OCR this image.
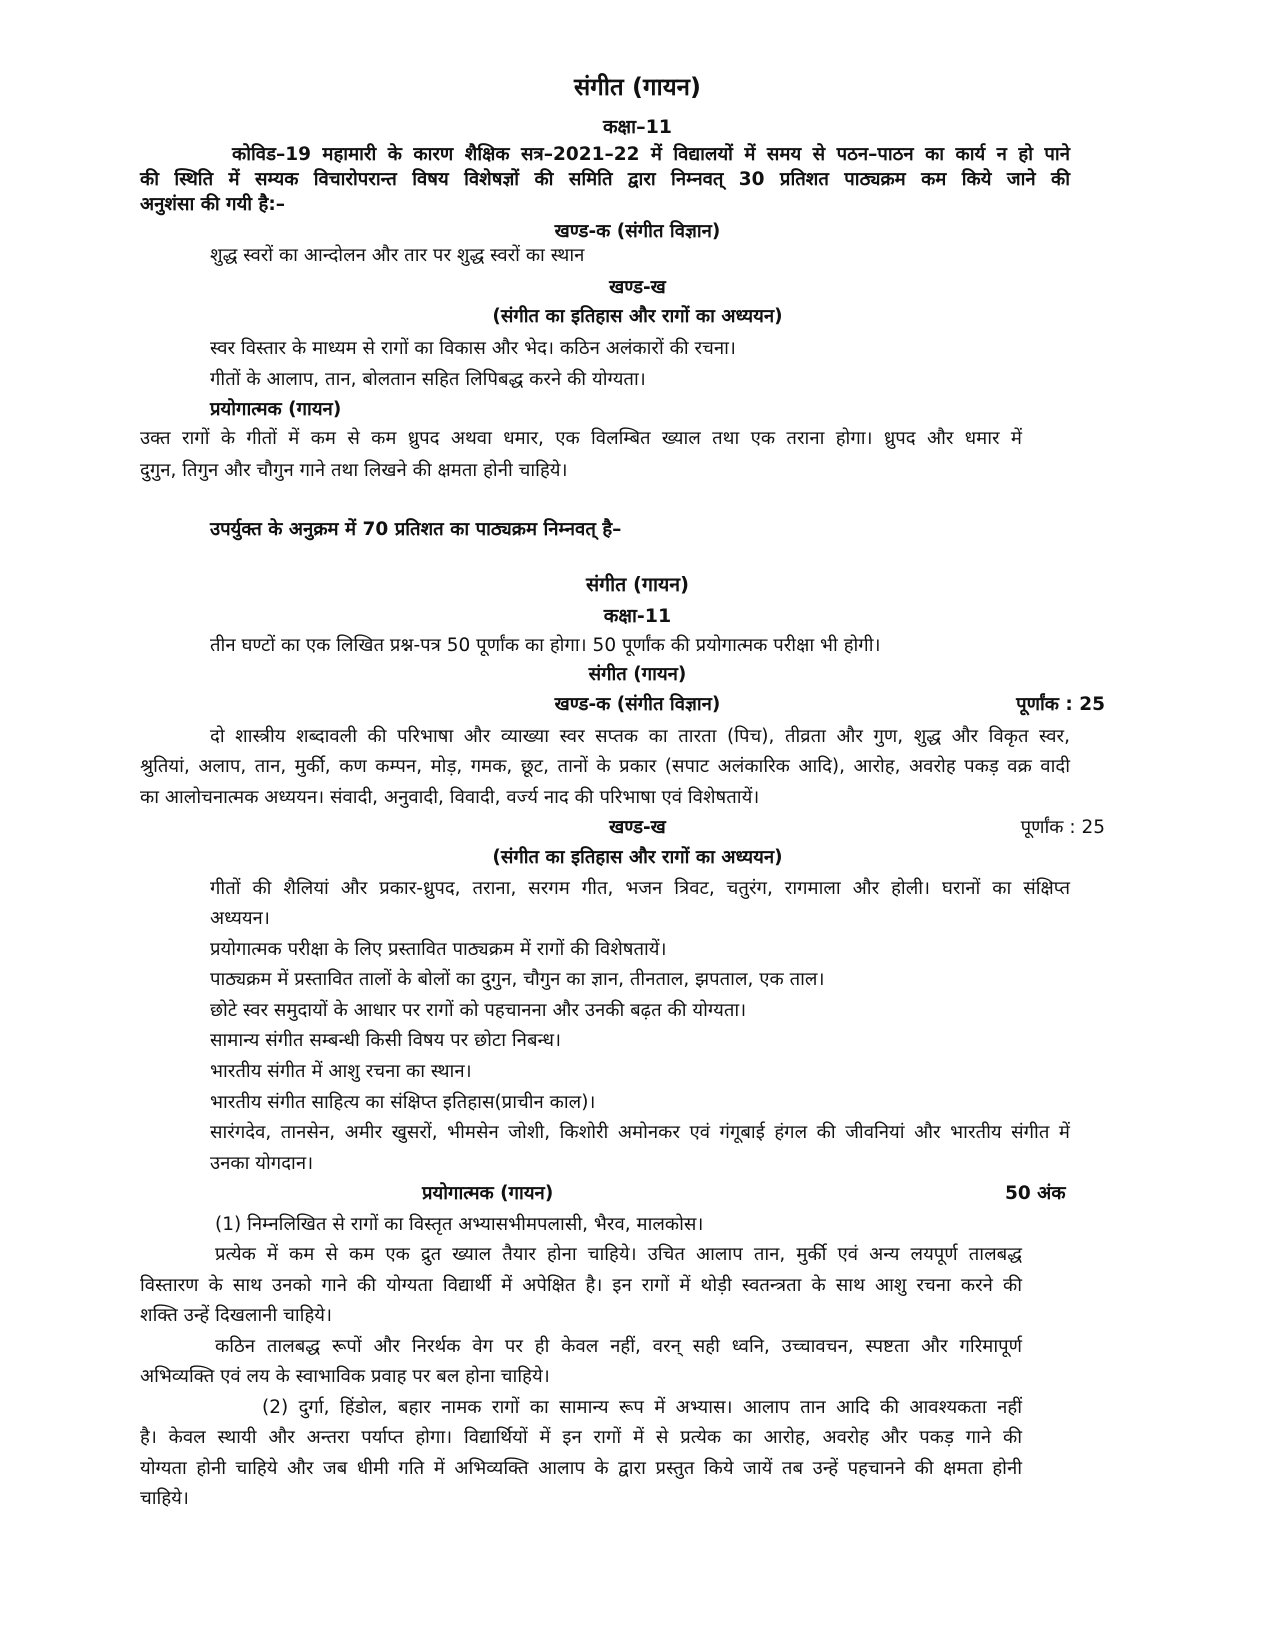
संगीत (गायन)
कक्षा–11
कोविड–19 महामारी के कारण शैक्षिक सत्र–2021–22 में विद्यालयों में समय से पठन–पाठन का कार्य न हो पाने
की स्थिति में सम्यक विचारोपरान्त विषय विशेषज्ञों की समिति द्वारा निम्नवत् 30 प्रतिशत पाठ्यक्रम कम किये जाने की
अनुशंसा की गयी है:–
खण्ड-क (संगीत विज्ञान)
शुद्ध स्वरों का आन्दोलन और तार पर शुद्ध स्वरों का स्थान
खण्ड-ख
(संगीत का इतिहास और रागों का अध्ययन)
स्वर विस्तार के माध्यम से रागों का विकास और भेद। कठिन अलंकारों की रचना।
गीतों के आलाप, तान, बोलतान सहित लिपिबद्ध करने की योग्यता।
प्रयोगात्मक (गायन)
उक्त रागों के गीतों में कम से कम ध्रुपद अथवा धमार, एक विलम्बित ख्याल तथा एक तराना होगा। ध्रुपद और धमार में
दुगुन, तिगुन और चौगुन गाने तथा लिखने की क्षमता होनी चाहिये।
उपर्युक्त के अनुक्रम में 70 प्रतिशत का पाठ्यक्रम निम्नवत् है–
संगीत (गायन)
कक्षा-11
तीन घण्टों का एक लिखित प्रश्न-पत्र 50 पूर्णांक का होगा। 50 पूर्णांक की प्रयोगात्मक परीक्षा भी होगी।
संगीत (गायन)
खण्ड-क (संगीत विज्ञान)	पूर्णांक : 25
दो शास्त्रीय शब्दावली की परिभाषा और व्याख्या स्वर सप्तक का तारता (पिच), तीव्रता और गुण, शुद्ध और विकृत स्वर,
श्रुतियां, अलाप, तान, मुर्की, कण कम्पन, मोड़, गमक, छूट, तानों के प्रकार (सपाट अलंकारिक आदि), आरोह, अवरोह पकड़ वक्र वादी
का आलोचनात्मक अध्ययन। संवादी, अनुवादी, विवादी, वर्ज्य नाद की परिभाषा एवं विशेषतायें।
खण्ड-ख	पूर्णांक : 25
(संगीत का इतिहास और रागों का अध्ययन)
गीतों की शैलियां और प्रकार-ध्रुपद, तराना, सरगम गीत, भजन त्रिवट, चतुरंग, रागमाला और होली। घरानों का संक्षिप्त
अध्ययन।
प्रयोगात्मक परीक्षा के लिए प्रस्तावित पाठ्यक्रम में रागों की विशेषतायें।
पाठ्यक्रम में प्रस्तावित तालों के बोलों का दुगुन, चौगुन का ज्ञान, तीनताल, झपताल, एक ताल।
छोटे स्वर समुदायों के आधार पर रागों को पहचानना और उनकी बढ़त की योग्यता।
सामान्य संगीत सम्बन्धी किसी विषय पर छोटा निबन्ध।
भारतीय संगीत में आशु रचना का स्थान।
भारतीय संगीत साहित्य का संक्षिप्त इतिहास(प्राचीन काल)।
सारंगदेव, तानसेन, अमीर खुसरों, भीमसेन जोशी, किशोरी अमोनकर एवं गंगूबाई हंगल की जीवनियां और भारतीय संगीत में
उनका योगदान।
प्रयोगात्मक (गायन)	50 अंक
(1) निम्नलिखित से रागों का विस्तृत अभ्यासभीमपलासी, भैरव, मालकोस।
प्रत्येक में कम से कम एक द्रुत ख्याल तैयार होना चाहिये। उचित आलाप तान, मुर्की एवं अन्य लयपूर्ण तालबद्ध
विस्तारण के साथ उनको गाने की योग्यता विद्यार्थी में अपेक्षित है। इन रागों में थोड़ी स्वतन्त्रता के साथ आशु रचना करने की
शक्ति उन्हें दिखलानी चाहिये।
कठिन तालबद्ध रूपों और निरर्थक वेग पर ही केवल नहीं, वरन् सही ध्वनि, उच्चावचन, स्पष्टता और गरिमापूर्ण
अभिव्यक्ति एवं लय के स्वाभाविक प्रवाह पर बल होना चाहिये।
(2) दुर्गा, हिंडोल, बहार नामक रागों का सामान्य रूप में अभ्यास। आलाप तान आदि की आवश्यकता नहीं
है। केवल स्थायी और अन्तरा पर्याप्त होगा। विद्यार्थियों में इन रागों में से प्रत्येक का आरोह, अवरोह और पकड़ गाने की
योग्यता होनी चाहिये और जब धीमी गति में अभिव्यक्ति आलाप के द्वारा प्रस्तुत किये जायें तब उन्हें पहचानने की क्षमता होनी
चाहिये।
